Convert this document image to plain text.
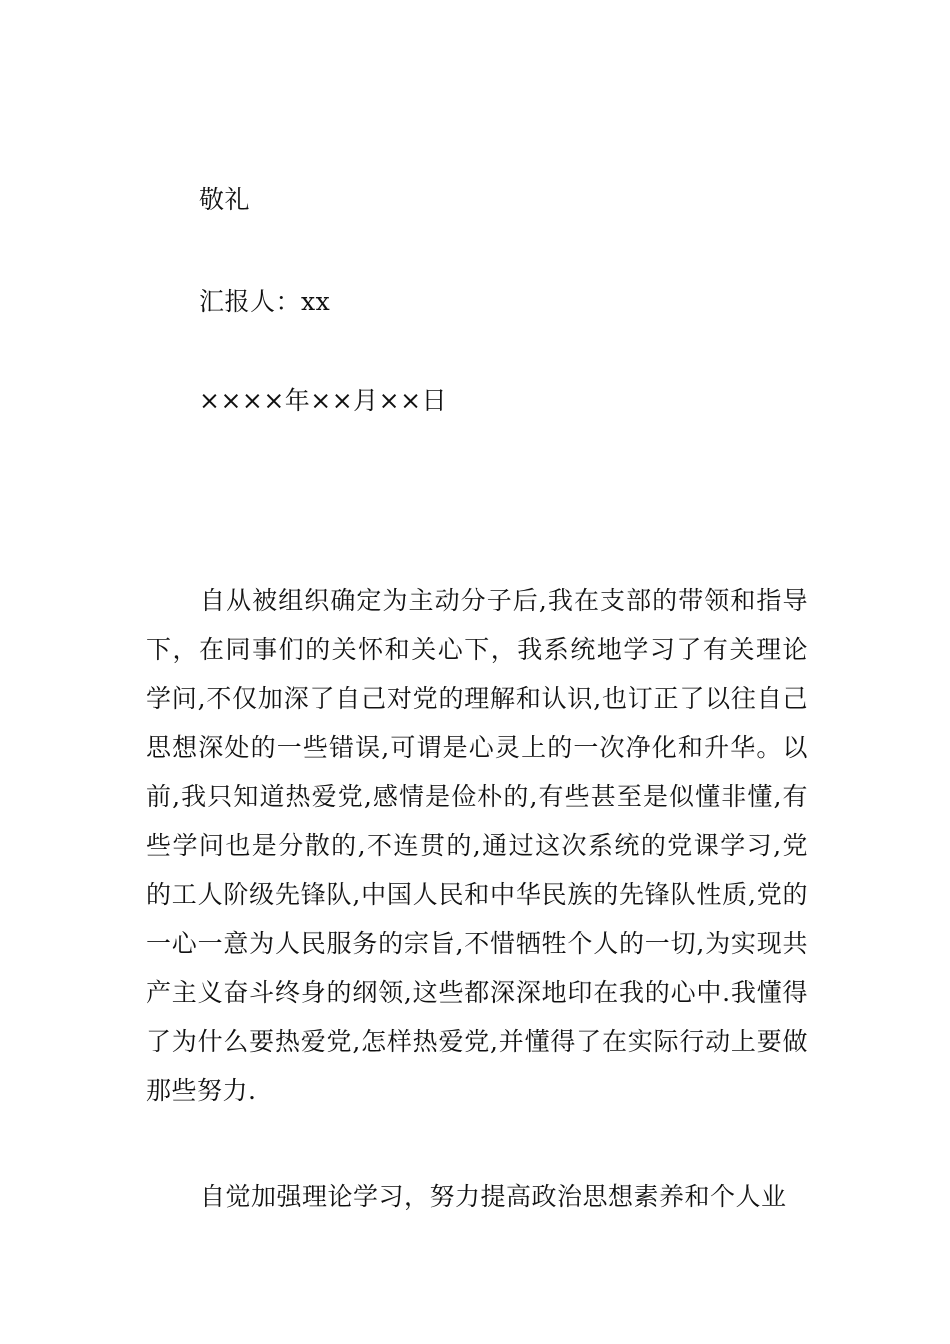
敬礼
汇报人：xx
××××年××月××日
自从被组织确定为主动分子后,我在支部的带领和指导下，在同事们的关怀和关心下，我系统地学习了有关理论学问,不仅加深了自己对党的理解和认识,也订正了以往自己思想深处的一些错误,可谓是心灵上的一次净化和升华。以前,我只知道热爱党,感情是俭朴的,有些甚至是似懂非懂,有些学问也是分散的,不连贯的,通过这次系统的党课学习,党的工人阶级先锋队,中国人民和中华民族的先锋队性质,党的一心一意为人民服务的宗旨,不惜牺牲个人的一切,为实现共产主义奋斗终身的纲领,这些都深深地印在我的心中.我懂得了为什么要热爱党,怎样热爱党,并懂得了在实际行动上要做那些努力.
自觉加强理论学习，努力提高政治思想素养和个人业
